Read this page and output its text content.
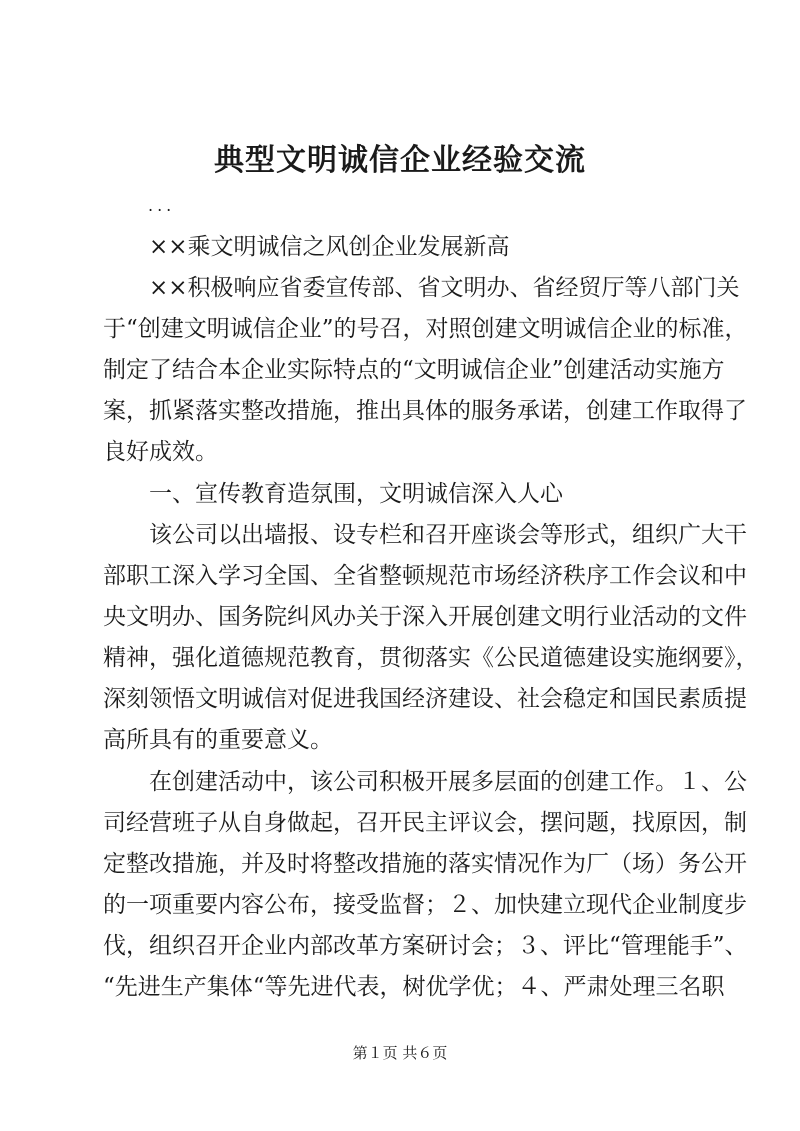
典型文明诚信企业经验交流

...

××乘文明诚信之风创企业发展新高

××积极响应省委宣传部、省文明办、省经贸厅等八部门关

于“创建文明诚信企业”的号召，对照创建文明诚信企业的标准，

制定了结合本企业实际特点的“文明诚信企业”创建活动实施方

案，抓紧落实整改措施，推出具体的服务承诺，创建工作取得了

良好成效。

一、宣传教育造氛围，文明诚信深入人心

该公司以出墙报、设专栏和召开座谈会等形式，组织广大干

部职工深入学习全国、全省整顿规范市场经济秩序工作会议和中

央文明办、国务院纠风办关于深入开展创建文明行业活动的文件

精神，强化道德规范教育，贯彻落实《公民道德建设实施纲要》，

深刻领悟文明诚信对促进我国经济建设、社会稳定和国民素质提

高所具有的重要意义。

在创建活动中，该公司积极开展多层面的创建工作。１、公

司经营班子从自身做起，召开民主评议会，摆问题，找原因，制

定整改措施，并及时将整改措施的落实情况作为厂（场）务公开

的一项重要内容公布，接受监督；２、加快建立现代企业制度步

伐，组织召开企业内部改革方案研讨会；３、评比“管理能手”、

“先进生产集体“等先进代表，树优学优；４、严肃处理三名职

第１页 共６页
